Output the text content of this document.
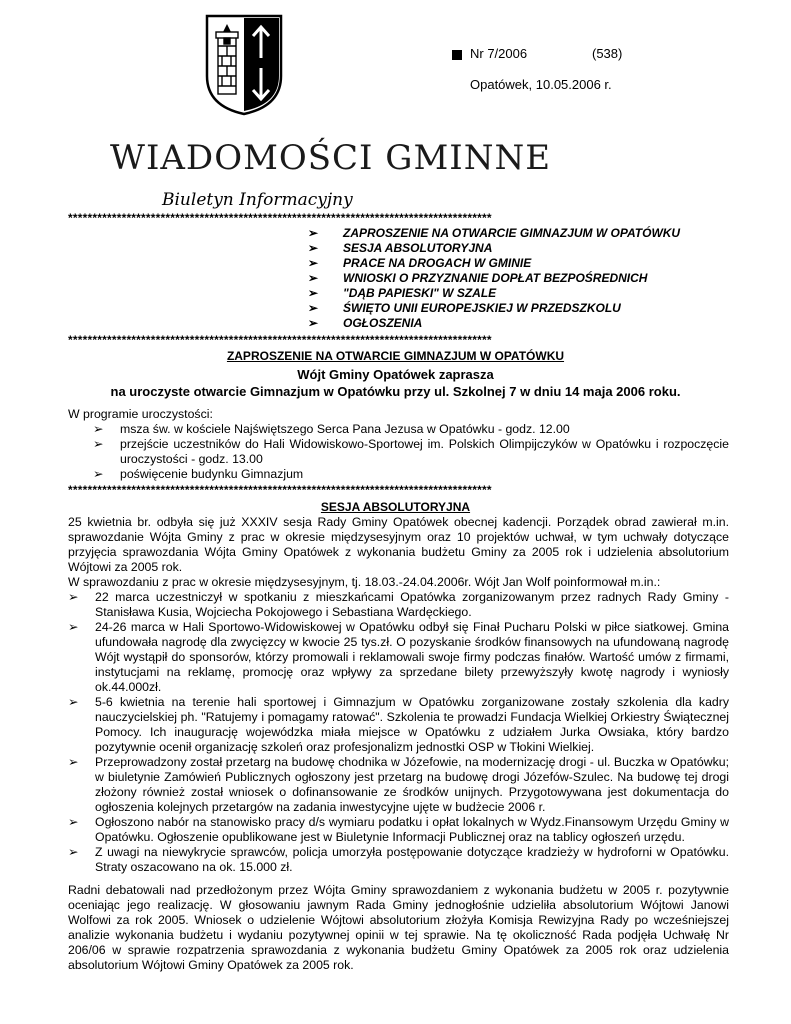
Nr 7/2006	(538)
Opatówek, 10.05.2006 r.
WIADOMOŚCI GMINNE
Biuletyn Informacyjny
***************************************************************************************
➢ ZAPROSZENIE NA OTWARCIE GIMNAZJUM W OPATÓWKU
➢ SESJA ABSOLUTORYJNA
➢ PRACE NA DROGACH W GMINIE
➢ WNIOSKI O PRZYZNANIE DOPŁAT BEZPOŚREDNICH
➢ "DĄB PAPIESKI" W SZALE
➢ ŚWIĘTO UNII EUROPEJSKIEJ W PRZEDSZKOLU
➢ OGŁOSZENIA
***************************************************************************************
ZAPROSZENIE NA OTWARCIE GIMNAZJUM W OPATÓWKU
Wójt Gminy Opatówek zaprasza
na uroczyste otwarcie Gimnazjum w Opatówku przy ul. Szkolnej 7 w dniu 14 maja 2006 roku.
W programie uroczystości:
➢ msza św. w kościele Najświętszego Serca Pana Jezusa w Opatówku - godz. 12.00
➢ przejście uczestników do Hali Widowiskowo-Sportowej im. Polskich Olimpijczyków w Opatówku i rozpoczęcie uroczystości - godz. 13.00
➢ poświęcenie budynku Gimnazjum
***************************************************************************************
SESJA ABSOLUTORYJNA
25 kwietnia br. odbyła się już XXXIV sesja Rady Gminy Opatówek obecnej kadencji. Porządek obrad zawierał m.in. sprawozdanie Wójta Gminy z prac w okresie międzysesyjnym oraz 10 projektów uchwał, w tym uchwały dotyczące przyjęcia sprawozdania Wójta Gminy Opatówek z wykonania budżetu Gminy za 2005 rok i udzielenia absolutorium Wójtowi za 2005 rok.
W sprawozdaniu z prac w okresie międzysesyjnym, tj. 18.03.-24.04.2006r. Wójt Jan Wolf poinformował m.in.:
➢ 22 marca uczestniczył w spotkaniu z mieszkańcami Opatówka zorganizowanym przez radnych Rady Gminy - Stanisława Kusia, Wojciecha Pokojowego i Sebastiana Wardęckiego.
➢ 24-26 marca w Hali Sportowo-Widowiskowej w Opatówku odbył się Finał Pucharu Polski w piłce siatkowej. Gmina ufundowała nagrodę dla zwycięzcy w kwocie 25 tys.zł. O pozyskanie środków finansowych na ufundowaną nagrodę Wójt wystąpił do sponsorów, którzy promowali i reklamowali swoje firmy podczas finałów. Wartość umów z firmami, instytucjami na reklamę, promocję oraz wpływy za sprzedane bilety przewyższyły kwotę nagrody i wyniosły ok.44.000zł.
➢ 5-6 kwietnia na terenie hali sportowej i Gimnazjum w Opatówku zorganizowane zostały szkolenia dla kadry nauczycielskiej ph. "Ratujemy i pomagamy ratować". Szkolenia te prowadzi Fundacja Wielkiej Orkiestry Świątecznej Pomocy. Ich inaugurację wojewódzka miała miejsce w Opatówku z udziałem Jurka Owsiaka, który bardzo pozytywnie ocenił organizację szkoleń oraz profesjonalizm jednostki OSP w Tłokini Wielkiej.
➢ Przeprowadzony został przetarg na budowę chodnika w Józefowie, na modernizację drogi - ul. Buczka w Opatówku; w biuletynie Zamówień Publicznych ogłoszony jest przetarg na budowę drogi Józefów-Szulec. Na budowę tej drogi złożony również został wniosek o dofinansowanie ze środków unijnych. Przygotowywana jest dokumentacja do ogłoszenia kolejnych przetargów na zadania inwestycyjne ujęte w budżecie 2006 r.
➢ Ogłoszono nabór na stanowisko pracy d/s wymiaru podatku i opłat lokalnych w Wydz.Finansowym Urzędu Gminy w Opatówku. Ogłoszenie opublikowane jest w Biuletynie Informacji Publicznej oraz na tablicy ogłoszeń urzędu.
➢ Z uwagi na niewykrycie sprawców, policja umorzyła postępowanie dotyczące kradzieży w hydroforni w Opatówku. Straty oszacowano na ok. 15.000 zł.
Radni debatowali nad przedłożonym przez Wójta Gminy sprawozdaniem z wykonania budżetu w 2005 r. pozytywnie oceniając jego realizację. W głosowaniu jawnym Rada Gminy jednogłośnie udzieliła absolutorium Wójtowi Janowi Wolfowi za rok 2005. Wniosek o udzielenie Wójtowi absolutorium złożyła Komisja Rewizyjna Rady po wcześniejszej analizie wykonania budżetu i wydaniu pozytywnej opinii w tej sprawie. Na tę okoliczność Rada podjęła Uchwałę Nr 206/06 w sprawie rozpatrzenia sprawozdania z wykonania budżetu Gminy Opatówek za 2005 rok oraz udzielenia absolutorium Wójtowi Gminy Opatówek za 2005 rok.
